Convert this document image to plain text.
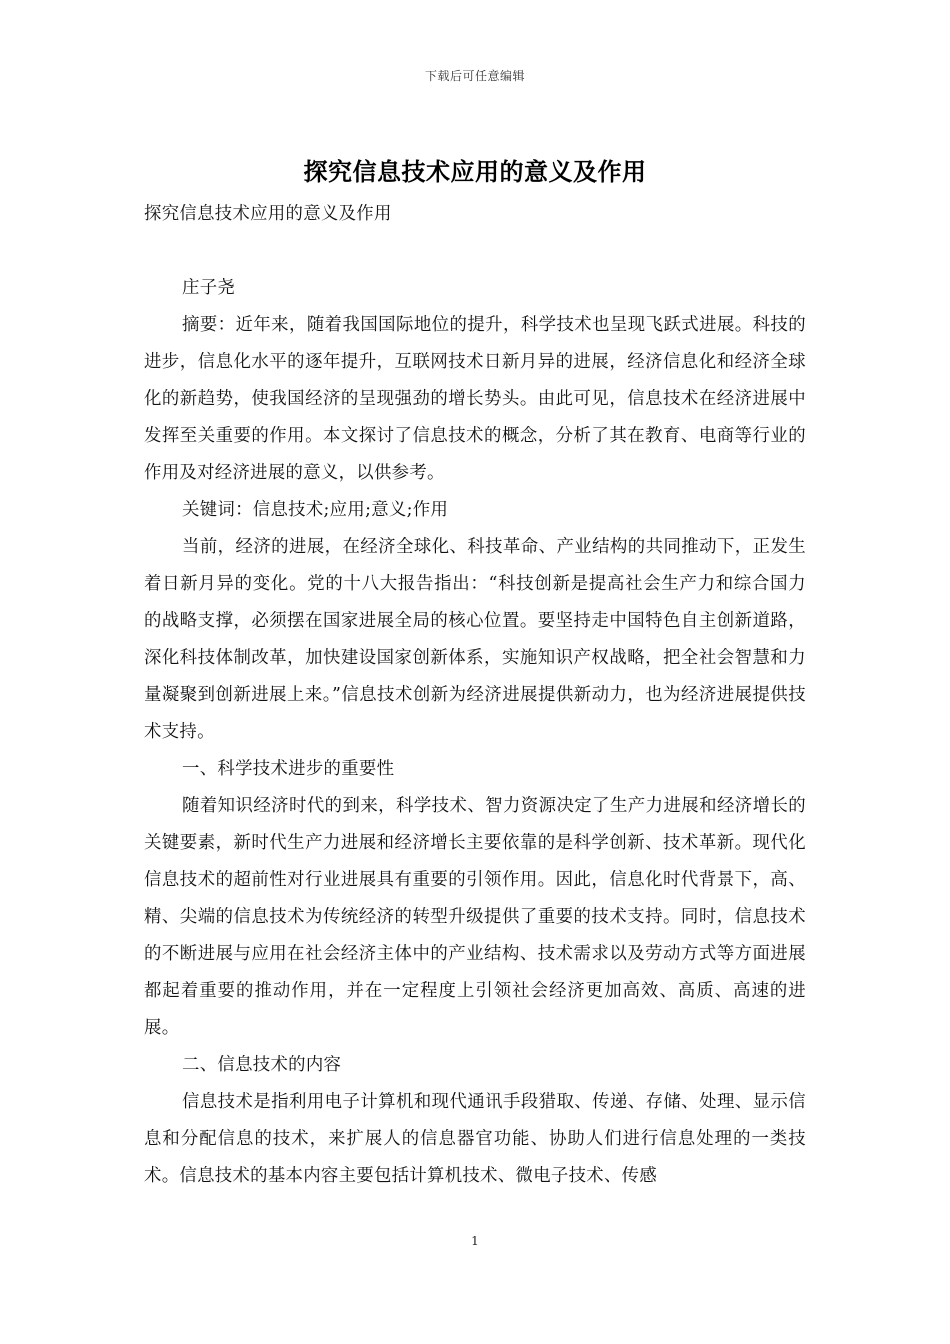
下载后可任意编辑
探究信息技术应用的意义及作用

探究信息技术应用的意义及作用

庄子尧

摘要：近年来，随着我国国际地位的提升，科学技术也呈现飞跃式进展。科技的进步，信息化水平的逐年提升，互联网技术日新月异的进展，经济信息化和经济全球化的新趋势，使我国经济的呈现强劲的增长势头。由此可见，信息技术在经济进展中发挥至关重要的作用。本文探讨了信息技术的概念，分析了其在教育、电商等行业的作用及对经济进展的意义，以供参考。

关键词：信息技术;应用;意义;作用

当前，经济的进展，在经济全球化、科技革命、产业结构的共同推动下，正发生着日新月异的变化。党的十八大报告指出：“科技创新是提高社会生产力和综合国力的战略支撑，必须摆在国家进展全局的核心位置。要坚持走中国特色自主创新道路，深化科技体制改革，加快建设国家创新体系，实施知识产权战略，把全社会智慧和力量凝聚到创新进展上来。”信息技术创新为经济进展提供新动力，也为经济进展提供技术支持。

一、科学技术进步的重要性

随着知识经济时代的到来，科学技术、智力资源决定了生产力进展和经济增长的关键要素，新时代生产力进展和经济增长主要依靠的是科学创新、技术革新。现代化信息技术的超前性对行业进展具有重要的引领作用。因此，信息化时代背景下，高、精、尖端的信息技术为传统经济的转型升级提供了重要的技术支持。同时，信息技术的不断进展与应用在社会经济主体中的产业结构、技术需求以及劳动方式等方面进展都起着重要的推动作用，并在一定程度上引领社会经济更加高效、高质、高速的进展。

二、信息技术的内容

信息技术是指利用电子计算机和现代通讯手段猎取、传递、存储、处理、显示信息和分配信息的技术，来扩展人的信息器官功能、协助人们进行信息处理的一类技术。信息技术的基本内容主要包括计算机技术、微电子技术、传感

1
